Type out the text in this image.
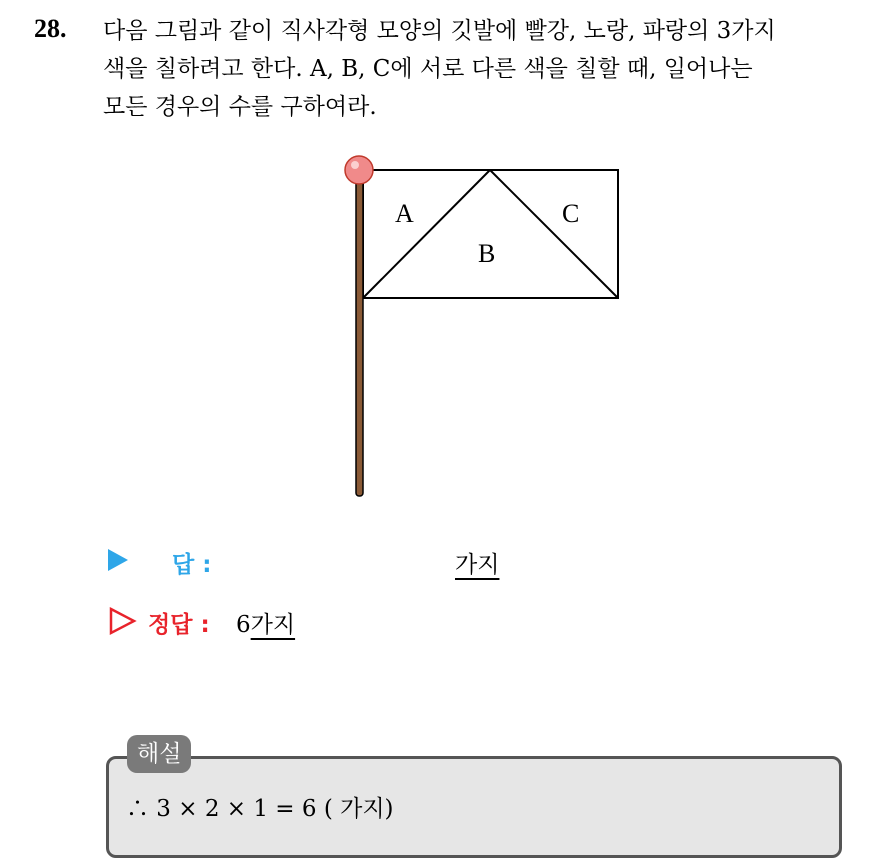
28. 다음 그림과 같이 직사각형 모양의 깃발에 빨강, 노랑, 파랑의 3가지

색을 칠하려고 한다. A, B, C에 서로 다른 색을 칠할 때, 일어나는

모든 경우의 수를 구하여라.

A
B
C
답 :	가지
정답 : 6가지
해설
∴ 3 × 2 × 1 = 6 ( 가지)
